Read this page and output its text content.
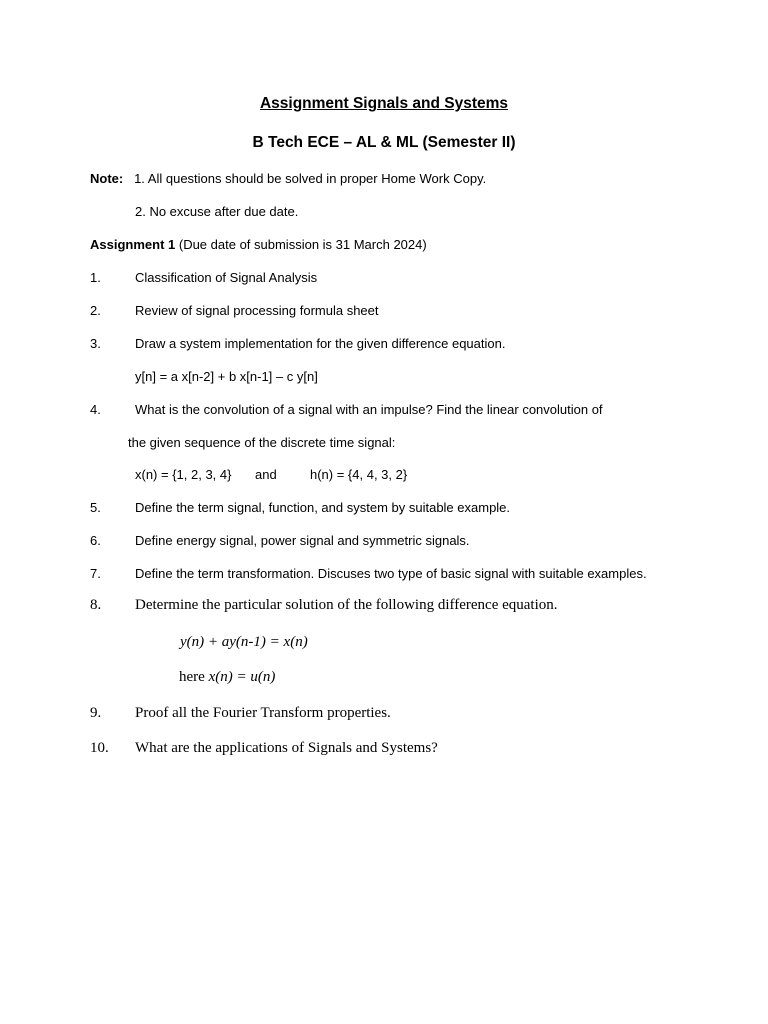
Assignment Signals and Systems
B Tech ECE – AL & ML (Semester II)
Note: 1. All questions should be solved in proper Home Work Copy.
2. No excuse after due date.
Assignment 1 (Due date of submission is 31 March 2024)
1.	Classification of Signal Analysis
2.	Review of signal processing formula sheet
3.	Draw a system implementation for the given difference equation.
y[n] = a x[n-2] + b x[n-1] – c y[n]
4.	What is the convolution of a signal with an impulse? Find the linear convolution of
the given sequence of the discrete time signal:
x(n) = {1, 2, 3, 4} and	h(n) = {4, 4, 3, 2}
5.	Define the term signal, function, and system by suitable example.
6.	Define energy signal, power signal and symmetric signals.
7.	Define the term transformation. Discuses two type of basic signal with suitable examples.
8. Determine the particular solution of the following difference equation.
y(n) + ay(n-1) = x(n)
here x(n) = u(n)
9. Proof all the Fourier Transform properties.
10. What are the applications of Signals and Systems?
